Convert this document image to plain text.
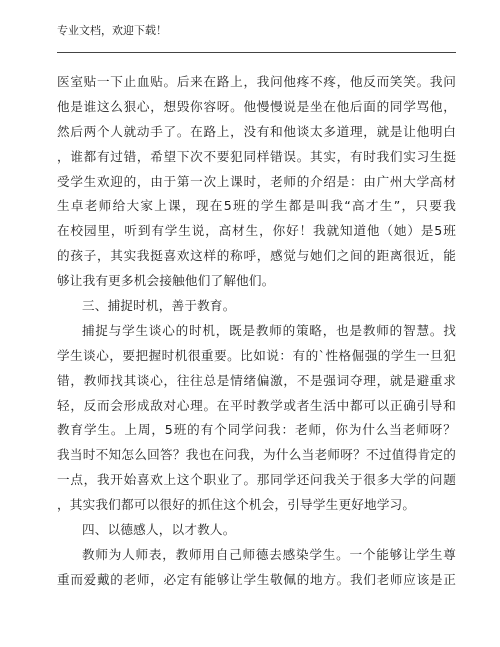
专业文档，欢迎下载！
医室贴一下止血贴。后来在路上，我问他疼不疼，他反而笑笑。我问
他是谁这么狠心，想毁你容呀。他慢慢说是坐在他后面的同学骂他，
然后两个人就动手了。在路上，没有和他谈太多道理，就是让他明白
，谁都有过错，希望下次不要犯同样错误。其实，有时我们实习生挺
受学生欢迎的，由于第一次上课时，老师的介绍是：由广州大学高材
生卓老师给大家上课，现在5班的学生都是叫我“高才生”，只要我
在校园里，听到有学生说，高材生，你好！我就知道他（她）是5班
的孩子，其实我挺喜欢这样的称呼，感觉与她们之间的距离很近，能
够让我有更多机会接触他们了解他们。
三、捕捉时机，善于教育。
捕捉与学生谈心的时机，既是教师的策略，也是教师的智慧。找
学生谈心，要把握时机很重要。比如说：有的`性格倔强的学生一旦犯
错，教师找其谈心，往往总是情绪偏激，不是强词夺理，就是避重求
轻，反而会形成敌对心理。在平时教学或者生活中都可以正确引导和
教育学生。上周，5班的有个同学问我：老师，你为什么当老师呀？
我当时不知怎么回答？我也在问我，为什么当老师呀？不过值得肯定的
一点，我开始喜欢上这个职业了。那同学还问我关于很多大学的问题
，其实我们都可以很好的抓住这个机会，引导学生更好地学习。
四、以德感人，以才教人。
教师为人师表，教师用自己师德去感染学生。一个能够让学生尊
重而爱戴的老师，必定有能够让学生敬佩的地方。我们老师应该是正
